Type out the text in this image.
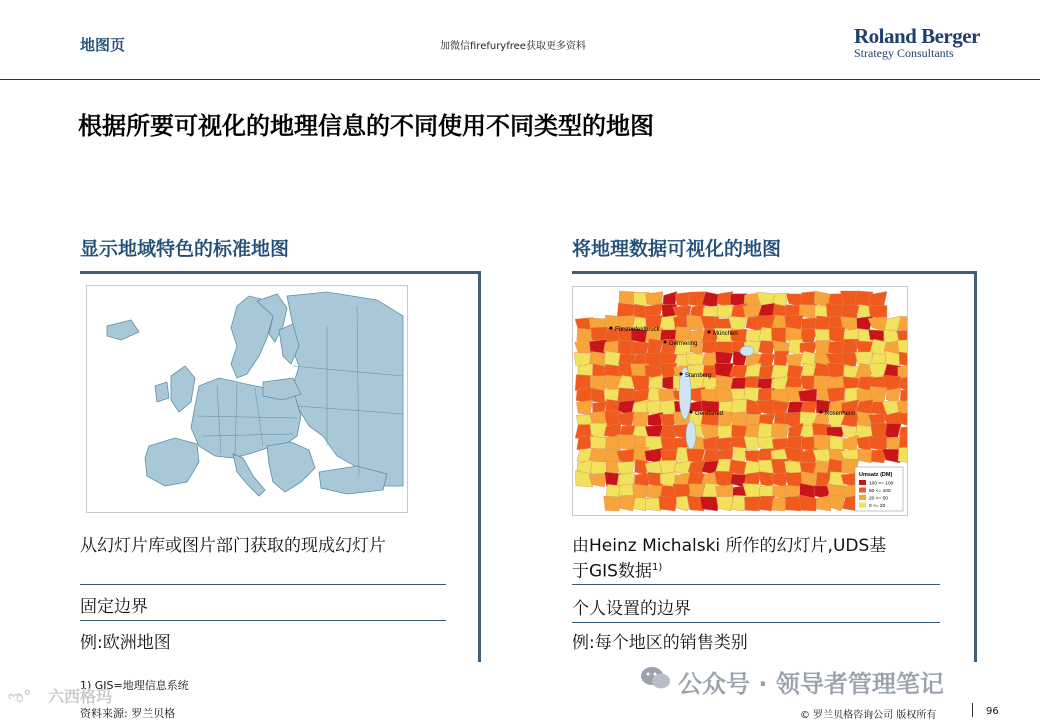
地图页	加微信firefuryfree获取更多资料	Roland Berger
Strategy Consultants
根据所要可视化的地理信息的不同使用不同类型的地图
显示地域特色的标准地图
从幻灯片库或图片部门获取的现成幻灯片
固定边界
例:欧洲地图
将地理数据可视化的地图
Fürstenfeldbruck
München
Germering
Starnberg
Geretsried	Rosenheim
Umsatz (DM)
100 <= 100
50 <= 100
20 <= 50
0 <= 20
由Heinz Michalski 所作的幻灯片,UDS基
于GIS数据$^{1)}$
个人设置的边界
例:每个地区的销售类别
1) GIS=地理信息系统
资料来源: 罗兰贝格	© 罗兰贝格咨询公司 版权所有	96
公众号 · 领导者管理笔记
ಌ° 六西格玛
